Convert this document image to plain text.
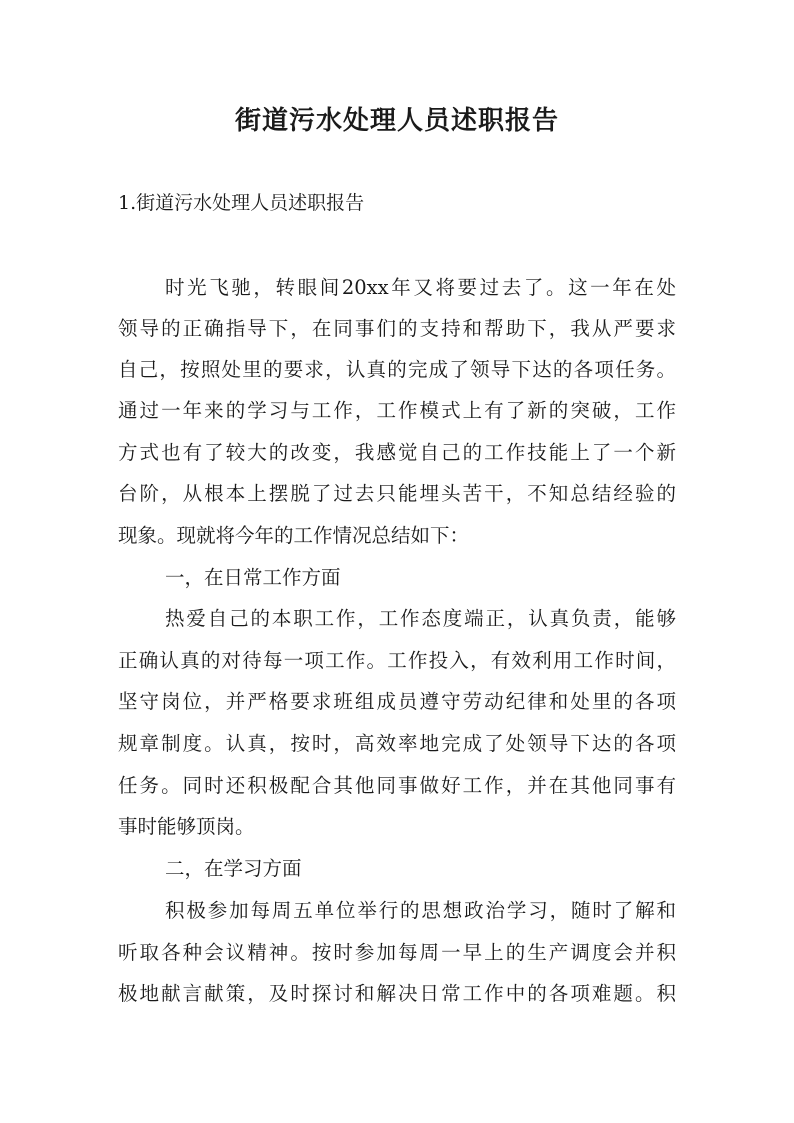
街道污水处理人员述职报告

1.街道污水处理人员述职报告

时光飞驰，转眼间20xx年又将要过去了。这一年在处

领导的正确指导下，在同事们的支持和帮助下，我从严要求

自己，按照处里的要求，认真的完成了领导下达的各项任务。

通过一年来的学习与工作，工作模式上有了新的突破，工作

方式也有了较大的改变，我感觉自己的工作技能上了一个新

台阶，从根本上摆脱了过去只能埋头苦干，不知总结经验的

现象。现就将今年的工作情况总结如下：

一，在日常工作方面

热爱自己的本职工作，工作态度端正，认真负责，能够

正确认真的对待每一项工作。工作投入，有效利用工作时间，

坚守岗位，并严格要求班组成员遵守劳动纪律和处里的各项

规章制度。认真，按时，高效率地完成了处领导下达的各项

任务。同时还积极配合其他同事做好工作，并在其他同事有

事时能够顶岗。

二，在学习方面

积极参加每周五单位举行的思想政治学习，随时了解和

听取各种会议精神。按时参加每周一早上的生产调度会并积

极地献言献策，及时探讨和解决日常工作中的各项难题。积
